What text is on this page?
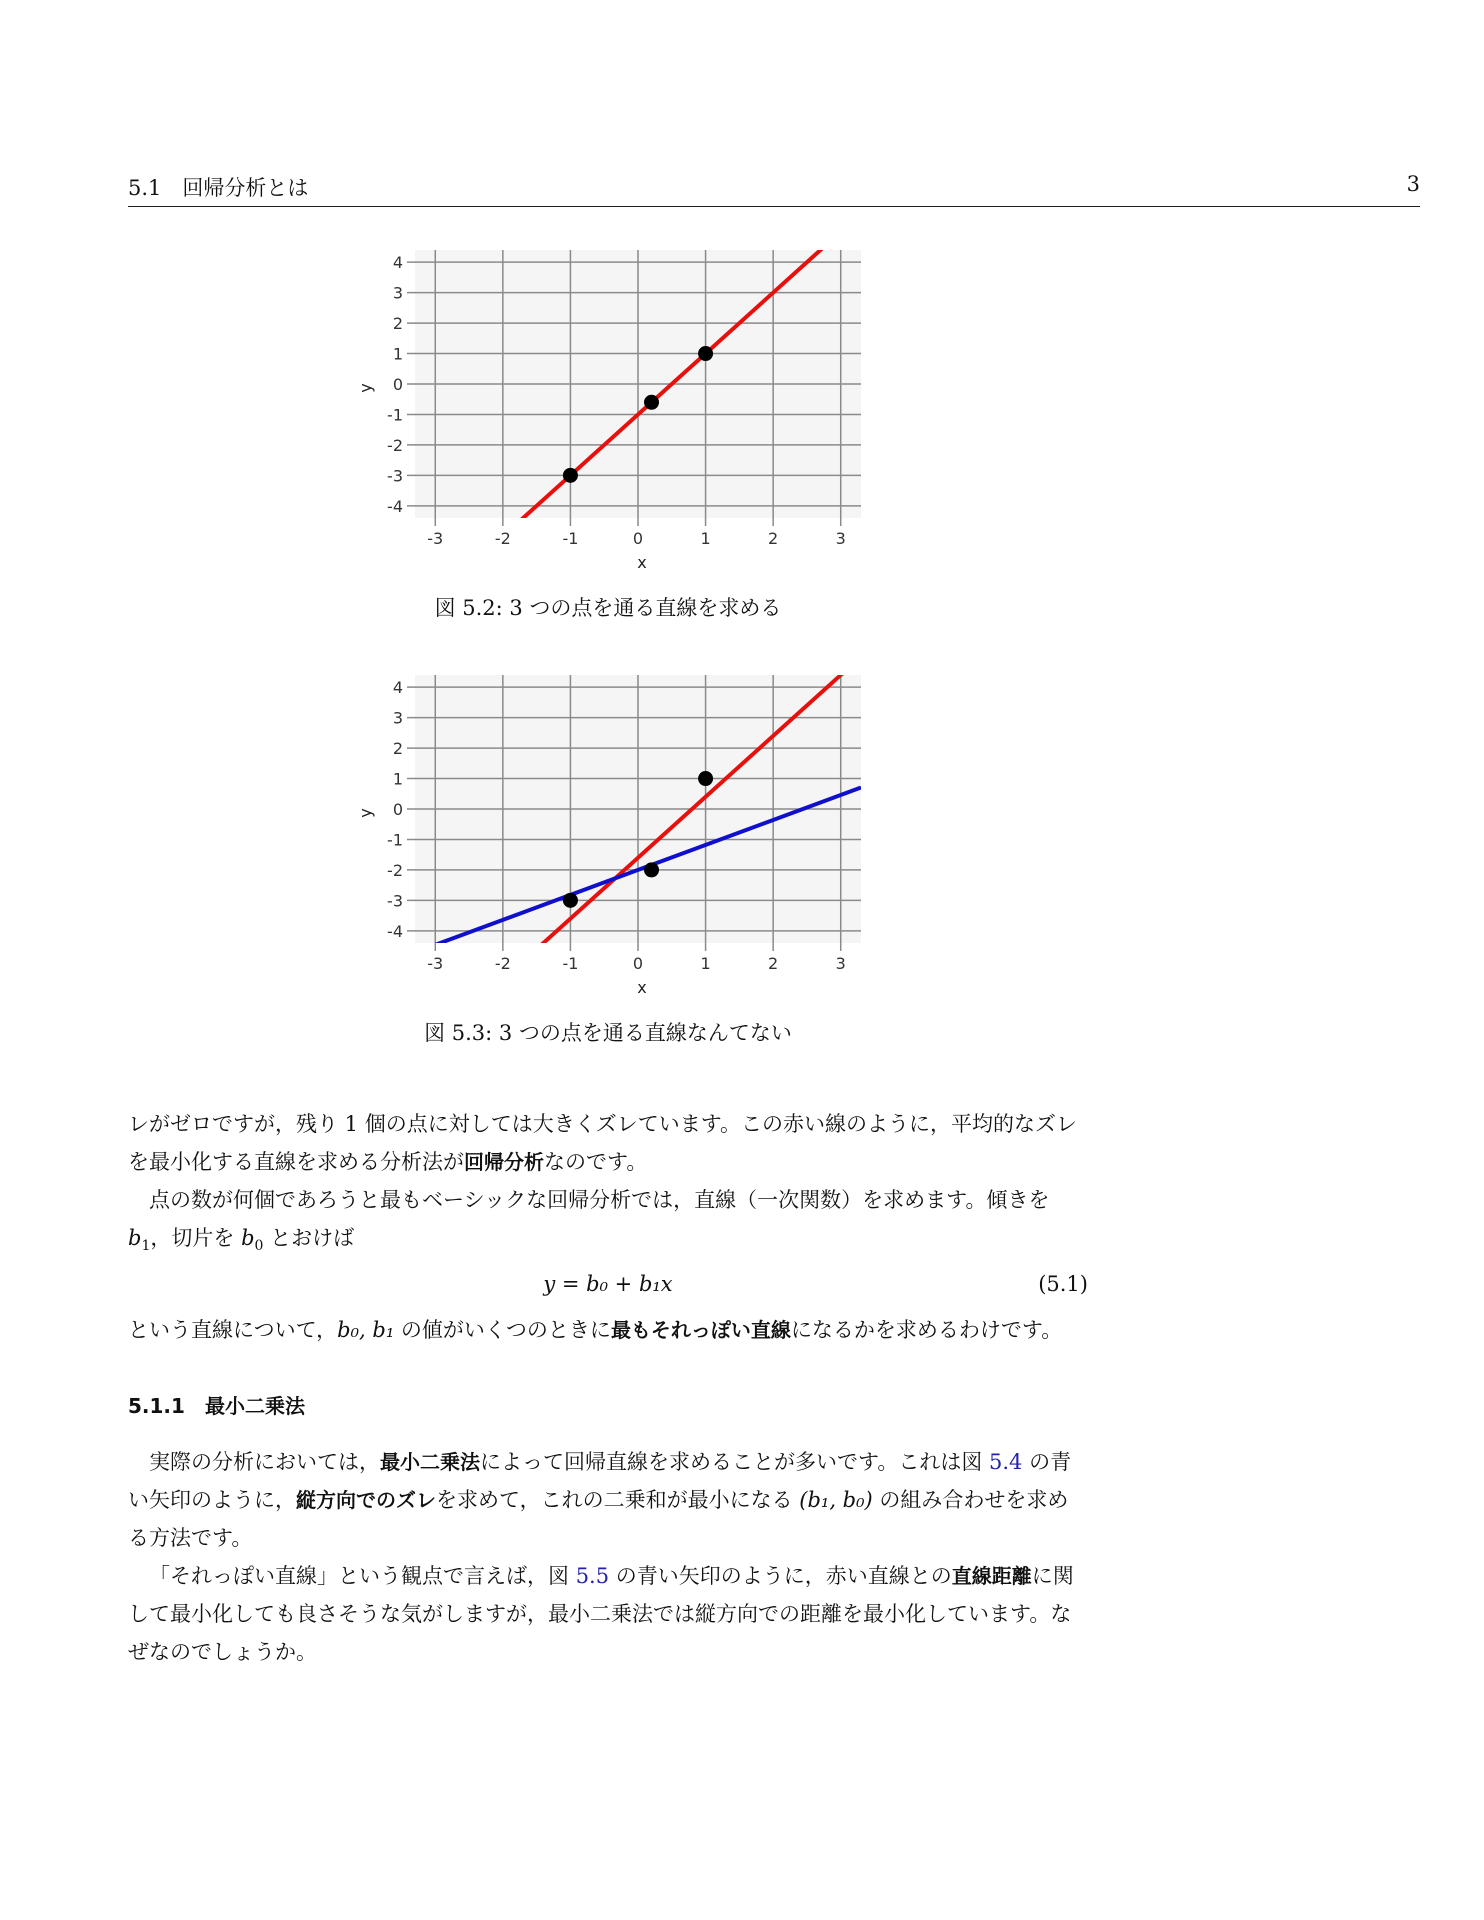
5.1　回帰分析とは	3
-3	-2	-1	0	1	2	3
4
3
2
1
0
-1
-2
-3
-4
x
y
図 5.2: 3 つの点を通る直線を求める
-3	-2	-1	0	1	2	3
4
3
2
1
0
-1
-2
-3
-4
x
y
図 5.3: 3 つの点を通る直線なんてない

レがゼロですが，残り 1 個の点に対しては大きくズレています。この赤い線のように，平均的なズレを最小化する直線を求める分析法が回帰分析なのです。

点の数が何個であろうと最もベーシックな回帰分析では，直線（一次関数）を求めます。傾きを $b_1$，切片を $b_0$ とおけば

y = b₀ + b₁x	(5.1)

という直線について，b₀, b₁ の値がいくつのときに最もそれっぽい直線になるかを求めるわけです。

5.1.1　最小二乗法

実際の分析においては，最小二乗法によって回帰直線を求めることが多いです。これは図 5.4 の青い矢印のように，縦方向でのズレを求めて，これの二乗和が最小になる (b₁, b₀) の組み合わせを求める方法です。

「それっぽい直線」という観点で言えば，図 5.5 の青い矢印のように，赤い直線との直線距離に関して最小化しても良さそうな気がしますが，最小二乗法では縦方向での距離を最小化しています。なぜなのでしょうか。
